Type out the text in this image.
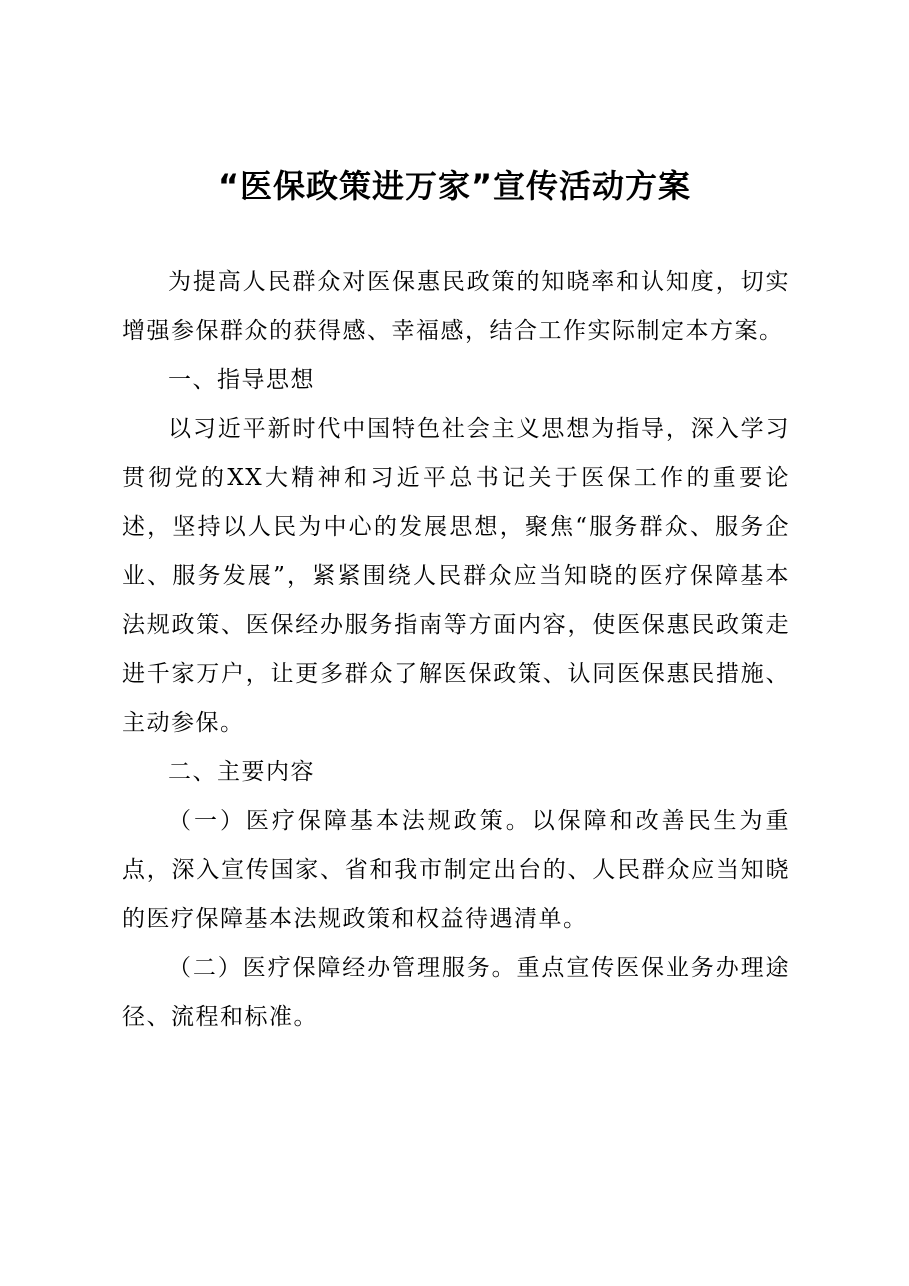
“医保政策进万家”宣传活动方案

为提高人民群众对医保惠民政策的知晓率和认知度，切实增强参保群众的获得感、幸福感，结合工作实际制定本方案。

一、指导思想

以习近平新时代中国特色社会主义思想为指导，深入学习贯彻党的XX大精神和习近平总书记关于医保工作的重要论述，坚持以人民为中心的发展思想，聚焦“服务群众、服务企业、服务发展”，紧紧围绕人民群众应当知晓的医疗保障基本法规政策、医保经办服务指南等方面内容，使医保惠民政策走进千家万户，让更多群众了解医保政策、认同医保惠民措施、主动参保。

二、主要内容

（一）医疗保障基本法规政策。以保障和改善民生为重点，深入宣传国家、省和我市制定出台的、人民群众应当知晓的医疗保障基本法规政策和权益待遇清单。

（二）医疗保障经办管理服务。重点宣传医保业务办理途径、流程和标准。
